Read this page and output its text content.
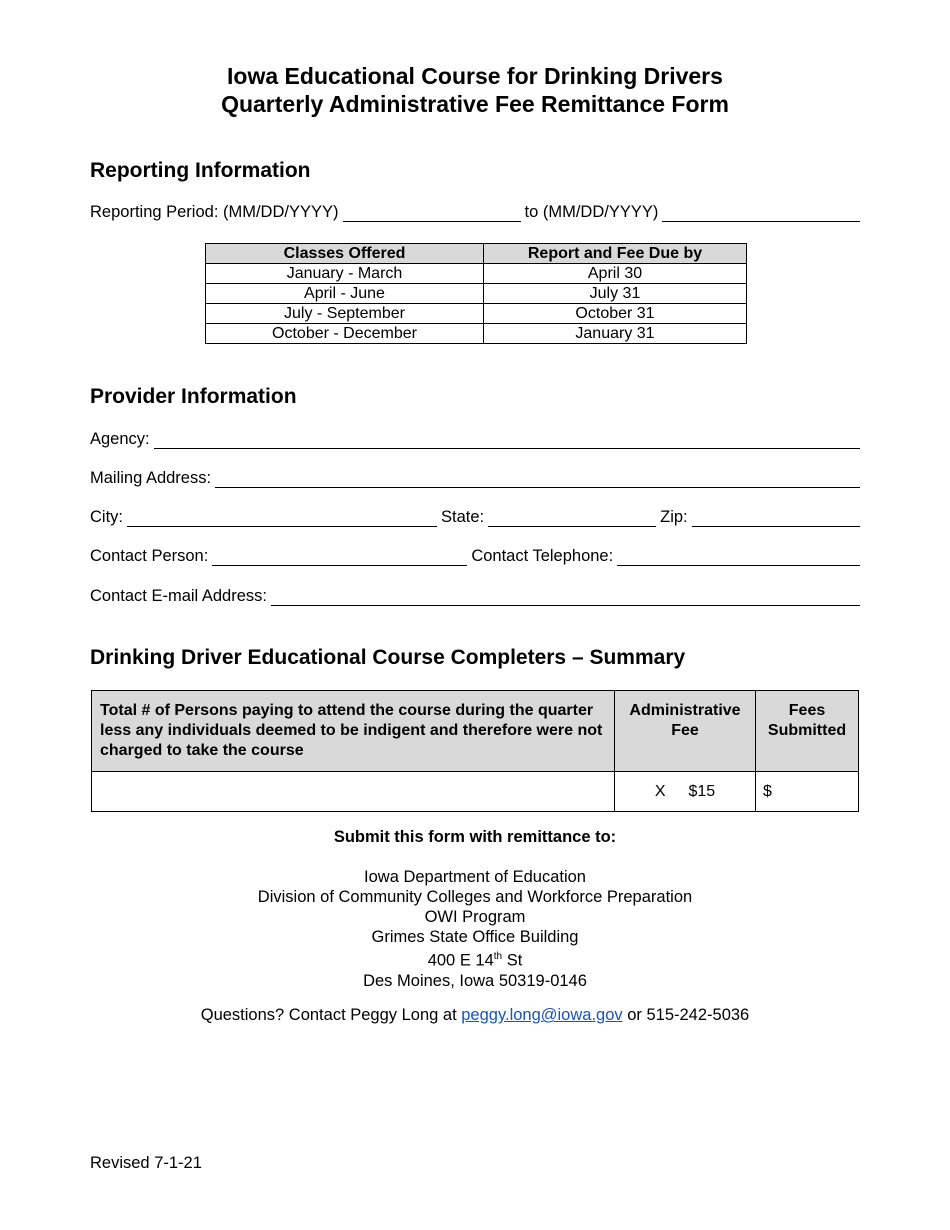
Iowa Educational Course for Drinking Drivers
Quarterly Administrative Fee Remittance Form
Reporting Information
Reporting Period: (MM/DD/YYYY)	to (MM/DD/YYYY)
Classes Offered	Report and Fee Due by
January - March	April 30
April - June	July 31
July - September	October 31
October - December	January 31
Provider Information
Agency:
Mailing Address:
City:	State:	Zip:
Contact Person:	Contact Telephone:
Contact E-mail Address:
Drinking Driver Educational Course Completers – Summary
Total # of Persons paying to attend the course during the quarter less any individuals deemed to be indigent and therefore were not charged to take the course	Administrative Fee	Fees Submitted
	X $15	$
Submit this form with remittance to:
Iowa Department of Education
Division of Community Colleges and Workforce Preparation
OWI Program
Grimes State Office Building
400 E 14th St
Des Moines, Iowa 50319-0146
Questions? Contact Peggy Long at peggy.long@iowa.gov or 515-242-5036
Revised 7-1-21
